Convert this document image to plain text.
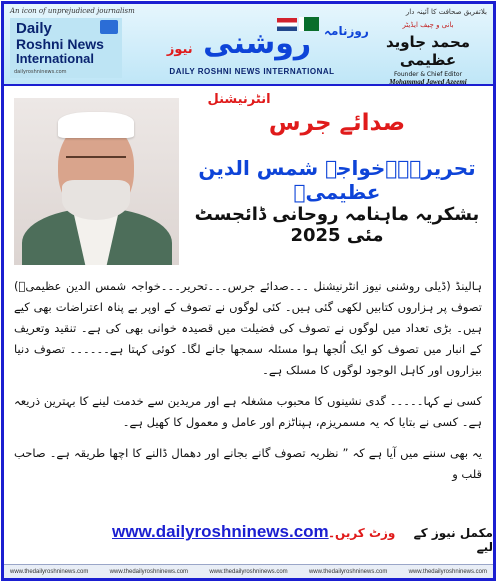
An icon of unprejudiced journalism	بلاتفریق صحافت کا آئینہ دار
Daily
Roshni News
International
dailyroshninews.com
روزنامہ
روشنی نیوز انٹرنیشنل
DAILY ROSHNI NEWS INTERNATIONAL
بانی و چیف ایڈیٹر
محمد جاوید عظیمی
Founder & Chief Editor
Mohammad Jawed Azeemi
صدائے جرس
تحریر۔۔۔خواجہ شمس الدین عظیمیؒ
بشکریہ ماہنامہ روحانی ڈائجسٹ مئی 2025

ہالینڈ (ڈیلی روشنی نیوز انٹرنیشنل ۔۔۔صدائے جرس۔۔۔تحریر۔۔۔خواجہ شمس الدین عظیمیؒ) تصوف پر ہزاروں کتابیں لکھی گئی ہیں۔ کئی لوگوں نے تصوف کے اوپر بے پناہ اعتراضات بھی کیے ہیں۔ بڑی تعداد میں لوگوں نے تصوف کی فضیلت میں قصیدہ خوانی بھی کی ہے۔ تنقید وتعریف کے انبار میں تصوف کو ایک اُلجھا ہوا مسئلہ سمجھا جانے لگا۔ کوئی کہتا ہے۔۔۔۔۔۔ تصوف دنیا بیزاروں اور کاہل الوجود لوگوں کا مسلک ہے۔

کسی نے کہا۔۔۔۔۔ گدی نشینوں کا محبوب مشغلہ ہے اور مریدین سے خدمت لینے کا بہترین ذریعہ ہے۔ کسی نے بتایا کہ یہ مسمریزم، ہپناٹزم اور عامل و معمول کا کھیل ہے۔

یہ بھی سننے میں آیا ہے کہ ” نظریہ تصوف گانے بجانے اور دھمال ڈالنے کا اچھا طریقہ ہے۔ صاحب قلب و

مکمل نیوز کے لیے
www.dailyroshninews.com وزٹ کریں۔
www.thedailyroshninews.com	www.thedailyroshninews.com	www.thedailyroshninews.com	www.thedailyroshninews.com	www.thedailyroshninews.com
